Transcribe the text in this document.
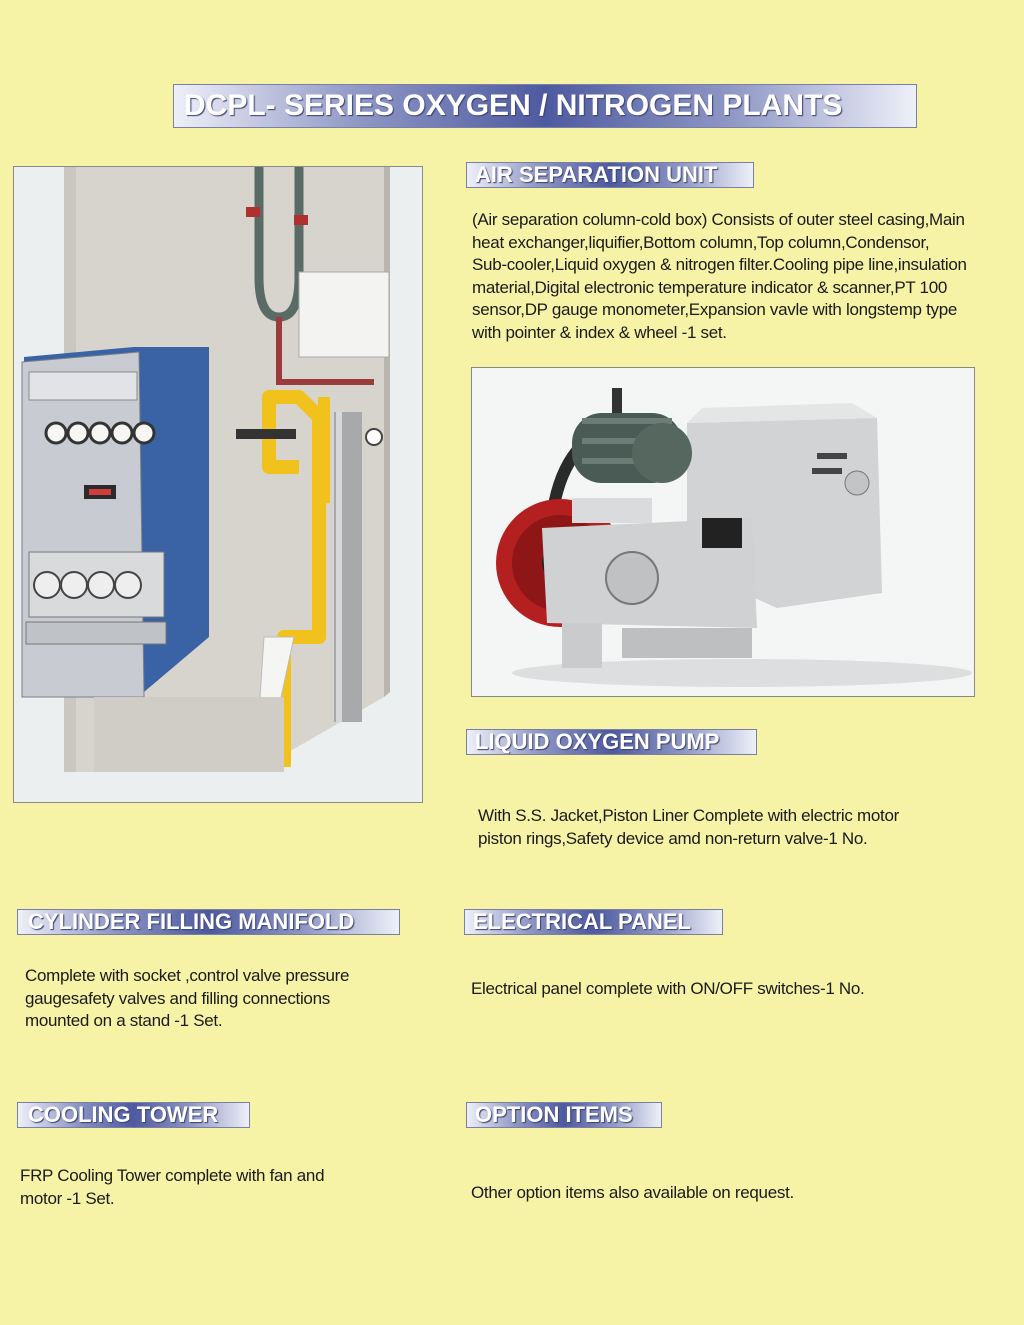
DCPL- SERIES OXYGEN / NITROGEN PLANTS
AIR SEPARATION UNIT
(Air separation column-cold box) Consists of outer steel casing,Main
heat exchanger,liquifier,Bottom column,Top column,Condensor,
Sub-cooler,Liquid oxygen & nitrogen filter.Cooling pipe line,insulation
material,Digital electronic temperature indicator & scanner,PT 100
sensor,DP gauge monometer,Expansion vavle with longstemp type
with pointer & index & wheel -1 set.
LIQUID OXYGEN PUMP
With S.S. Jacket,Piston Liner Complete with electric motor
piston rings,Safety device amd non-return valve-1 No.
CYLINDER FILLING MANIFOLD
Complete with socket ,control valve pressure
gaugesafety valves and filling connections
mounted on a stand -1 Set.
ELECTRICAL PANEL
Electrical panel complete with ON/OFF switches-1 No.
COOLING TOWER
FRP Cooling Tower complete with fan and
motor -1 Set.
OPTION ITEMS
Other option items also available on request.
